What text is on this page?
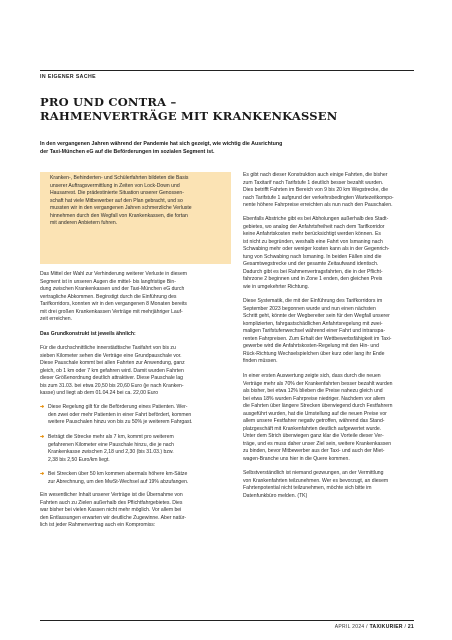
IN EIGENER SACHE
PRO UND CONTRA –
RAHMENVERTRÄGE MIT KRANKENKASSEN
In den vergangenen Jahren während der Pandemie hat sich gezeigt, wie wichtig die Ausrichtung
der Taxi-München eG auf die Beförderungen im sozialen Segment ist.
Kranken-, Behinderten- und Schülerfahrten bildeten die Basis
unserer Auftragsvermittlung in Zeiten von Lock-Down und
Hausarrest. Die prädestinierte Situation unserer Genossen-
schaft hat viele Mitbewerber auf den Plan gebracht, und so
mussten wir in den vergangenen Jahren schmerzliche Verluste
hinnehmen durch den Wegfall von Krankenkassen, die fortan
mit anderen Anbietern fuhren.
Das Mittel der Wahl zur Verhinderung weiterer Verluste in diesem
Segment ist in unseren Augen die mittel- bis langfristige Bin-
dung zwischen Krankenkassen und der Taxi-München eG durch
vertragliche Abkommen. Beginstigt durch die Einführung des
Tarifkorridors, konnten wir in den vergangenen 8 Monaten bereits
mit drei großen Krankenkassen Verträge mit mehrjähriger Lauf-
zeit erreichen.
Das Grundkonstrukt ist jeweils ähnlich:
Für die durchschnittliche innerstädtische Taxifahrt von bis zu
sieben Kilometer sehen die Verträge eine Grundpauschale vor.
Diese Pauschale kommt bei allen Fahrten zur Anwendung, ganz
gleich, ob 1 km oder 7 km gefahren wird. Damit wurden Fahrten
dieser Größenordnung deutlich attraktiver. Diese Pauschale lag
bis zum 31.03. bei etwa 20,50 bis 20,60 Euro (je nach Kranken-
kasse) und liegt ab dem 01.04.24 bei ca. 22,00 Euro
➔ Diese Regelung gilt für die Beförderung eines Patienten. Wer-
den zwei oder mehr Patienten in einer Fahrt befördert, kommen
weitere Pauschalen hinzu von bis zu 50% je weiterem Fahrgast.
➔ Beträgt die Strecke mehr als 7 km, kommt pro weiterem
gefahrenen Kilometer eine Pauschale hinzu, die je nach
Krankenkasse zwischen 2,18 und 2,30 (bis 31.03.) bzw.
2,38 bis 2,50 Euro/km liegt.
➔ Bei Strecken über 50 km kommen abermals höhere km-Sätze
zur Abrechnung, um den MwSt-Wechsel auf 19% abzufangen.
Ein wesentlicher Inhalt unserer Verträge ist die Übernahme von
Fahrten auch zu Zielen außerhalb des Pflichtfahrgebietes. Dies
war bisher bei vielen Kassen nicht mehr möglich. Vor allem bei
den Entlassungen erwarten wir deutliche Zugewinne. Aber natür-
lich ist jeder Rahmenvertrag auch ein Kompromiss:
Es gibt nach dieser Konstruktion auch einige Fahrten, die bisher
zum Taxitarif nach Tarifstufe 1 deutlich besser bezahlt wurden.
Dies betrifft Fahrten im Bereich von 9 bis 20 km Wegstrecke, die
nach Tarifstufe 1 aufgrund der verkehrsbedingten Wartezeitkompo-
nente höhere Fahrpreise erreichten als nun nach den Pauschalen.
Ebenfalls Abstriche gibt es bei Abholungen außerhalb des Stadt-
gebietes, wo analog der Anfahrtsfreiheit nach dem Tarifkorridor
keine Anfahrtskosten mehr berücksichtigt werden können. Es
ist nicht zu begründen, weshalb eine Fahrt von Ismaning nach
Schwabing mehr oder weniger kosten kann als in der Gegenrich-
tung von Schwabing nach Ismaning. In beiden Fällen sind die
Gesamtwegstrecke und der gesamte Zeitaufwand identisch.
Dadurch gibt es bei Rahmenvertragsfahrten, die in der Pflicht-
fahrzone 2 beginnen und in Zone 1 enden, den gleichen Preis
wie in umgekehrter Richtung.
Diese Systematik, die mit der Einführung des Tarifkorridors im
September 2023 begonnen wurde und nun einen nächsten
Schritt geht, könnte der Wegbereiter sein für den Wegfall unserer
komplizierten, fahrgastschädlichen Anfahrtsregelung mit zwei-
maligen Tarifstufenwechsel während einer Fahrt und intranspa-
renten Fahrpreisen. Zum Erhalt der Wettbewerbsfähigkeit im Taxi-
gewerbe wird die Anfahrtskosten-Regelung mit den Hin- und
Rück-Richtung Wechselspielchen über kurz oder lang ihr Ende
finden müssen.
In einer ersten Auswertung zeigte sich, dass durch die neuen
Verträge mehr als 70% der Krankenfahrten besser bezahlt wurden
als bisher, bei etwa 12% blieben die Preise nahezu gleich und
bei etwa 18% wurden Fahrpreise niedriger. Nachdem vor allem
die Fahrten über längere Strecken überwiegend durch Festfahrern
ausgeführt wurden, hat die Umstellung auf die neuen Preise vor
allem unsere Festfahrer negativ getroffen, während das Stand-
platzgeschäft mit Krankenfahrten deutlich aufgewertet wurde.
Unter dem Strich überwiegen ganz klar die Vorteile dieser Ver-
träge, und es muss daher unser Ziel sein, weitere Krankenkassen
zu binden, bevor Mitbewerber aus der Taxi- und auch der Miet-
wagen-Branche uns hier in die Quere kommen.
Selbstverständlich ist niemand gezwungen, an der Vermittlung
von Krankenfahrten teilzunehmen. Wer es bevorzugt, an diesem
Fahrtenpotential nicht teilzunehmen, möchte sich bitte im
Datenfunkbüro melden. (TK)
APRIL 2024 / TAXIKURIER / 21
